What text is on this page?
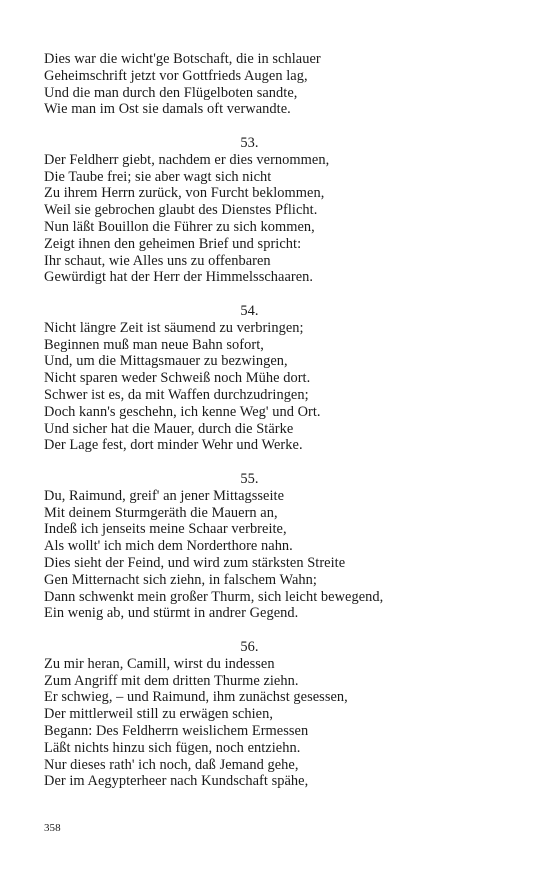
Dies war die wicht'ge Botschaft, die in schlauer
Geheimschrift jetzt vor Gottfrieds Augen lag,
Und die man durch den Flügelboten sandte,
Wie man im Ost sie damals oft verwandte.
53.
Der Feldherr giebt, nachdem er dies vernommen,
Die Taube frei; sie aber wagt sich nicht
Zu ihrem Herrn zurück, von Furcht beklommen,
Weil sie gebrochen glaubt des Dienstes Pflicht.
Nun läßt Bouillon die Führer zu sich kommen,
Zeigt ihnen den geheimen Brief und spricht:
Ihr schaut, wie Alles uns zu offenbaren
Gewürdigt hat der Herr der Himmelsschaaren.
54.
Nicht längre Zeit ist säumend zu verbringen;
Beginnen muß man neue Bahn sofort,
Und, um die Mittagsmauer zu bezwingen,
Nicht sparen weder Schweiß noch Mühe dort.
Schwer ist es, da mit Waffen durchzudringen;
Doch kann's geschehn, ich kenne Weg' und Ort.
Und sicher hat die Mauer, durch die Stärke
Der Lage fest, dort minder Wehr und Werke.
55.
Du, Raimund, greif' an jener Mittagsseite
Mit deinem Sturmgeräth die Mauern an,
Indeß ich jenseits meine Schaar verbreite,
Als wollt' ich mich dem Norderthore nahn.
Dies sieht der Feind, und wird zum stärksten Streite
Gen Mitternacht sich ziehn, in falschem Wahn;
Dann schwenkt mein großer Thurm, sich leicht bewegend,
Ein wenig ab, und stürmt in andrer Gegend.
56.
Zu mir heran, Camill, wirst du indessen
Zum Angriff mit dem dritten Thurme ziehn.
Er schwieg, – und Raimund, ihm zunächst gesessen,
Der mittlerweil still zu erwägen schien,
Begann: Des Feldherrn weislichem Ermessen
Läßt nichts hinzu sich fügen, noch entziehn.
Nur dieses rath' ich noch, daß Jemand gehe,
Der im Aegypterheer nach Kundschaft spähe,
358
